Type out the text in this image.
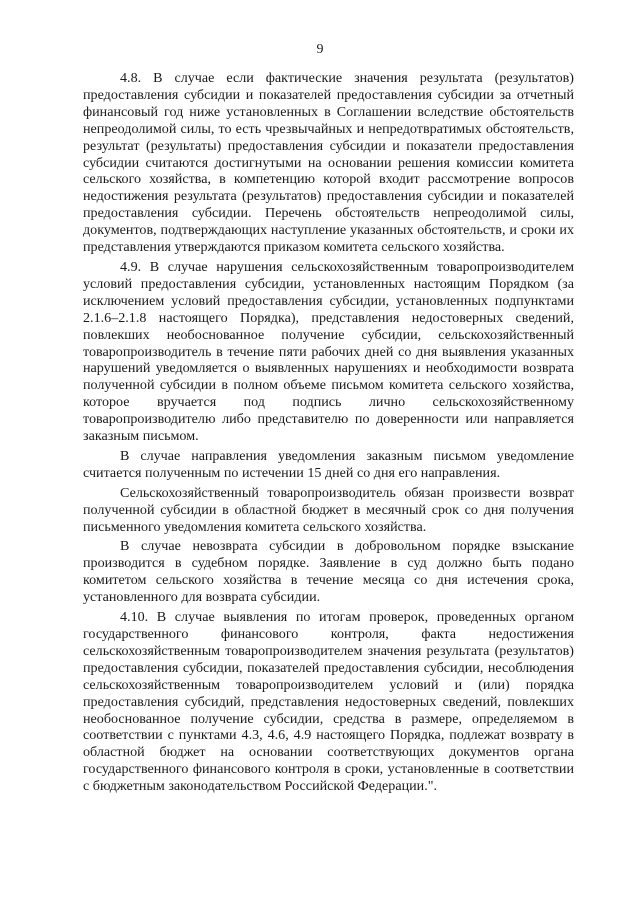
9

4.8. В случае если фактические значения результата (результатов) предоставления субсидии и показателей предоставления субсидии за отчетный финансовый год ниже установленных в Соглашении вследствие обстоятельств непреодолимой силы, то есть чрезвычайных и непредотвратимых обстоятельств, результат (результаты) предоставления субсидии и показатели предоставления субсидии считаются достигнутыми на основании решения комиссии комитета сельского хозяйства, в компетенцию которой входит рассмотрение вопросов недостижения результата (результатов) предоставления субсидии и показателей предоставления субсидии. Перечень обстоятельств непреодолимой силы, документов, подтверждающих наступление указанных обстоятельств, и сроки их представления утверждаются приказом комитета сельского хозяйства.

4.9. В случае нарушения сельскохозяйственным товаропроизводителем условий предоставления субсидии, установленных настоящим Порядком (за исключением условий предоставления субсидии, установленных подпунктами 2.1.6–2.1.8 настоящего Порядка), представления недостоверных сведений, повлекших необоснованное получение субсидии, сельскохозяйственный товаропроизводитель в течение пяти рабочих дней со дня выявления указанных нарушений уведомляется о выявленных нарушениях и необходимости возврата полученной субсидии в полном объеме письмом комитета сельского хозяйства, которое вручается под подпись лично сельскохозяйственному товаропроизводителю либо представителю по доверенности или направляется заказным письмом.

В случае направления уведомления заказным письмом уведомление считается полученным по истечении 15 дней со дня его направления.

Сельскохозяйственный товаропроизводитель обязан произвести возврат полученной субсидии в областной бюджет в месячный срок со дня получения письменного уведомления комитета сельского хозяйства.

В случае невозврата субсидии в добровольном порядке взыскание производится в судебном порядке. Заявление в суд должно быть подано комитетом сельского хозяйства в течение месяца со дня истечения срока, установленного для возврата субсидии.

4.10. В случае выявления по итогам проверок, проведенных органом государственного финансового контроля, факта недостижения сельскохозяйственным товаропроизводителем значения результата (результатов) предоставления субсидии, показателей предоставления субсидии, несоблюдения сельскохозяйственным товаропроизводителем условий и (или) порядка предоставления субсидий, представления недостоверных сведений, повлекших необоснованное получение субсидии, средства в размере, определяемом в соответствии с пунктами 4.3, 4.6, 4.9 настоящего Порядка, подлежат возврату в областной бюджет на основании соответствующих документов органа государственного финансового контроля в сроки, установленные в соответствии с бюджетным законодательством Российской Федерации.".
